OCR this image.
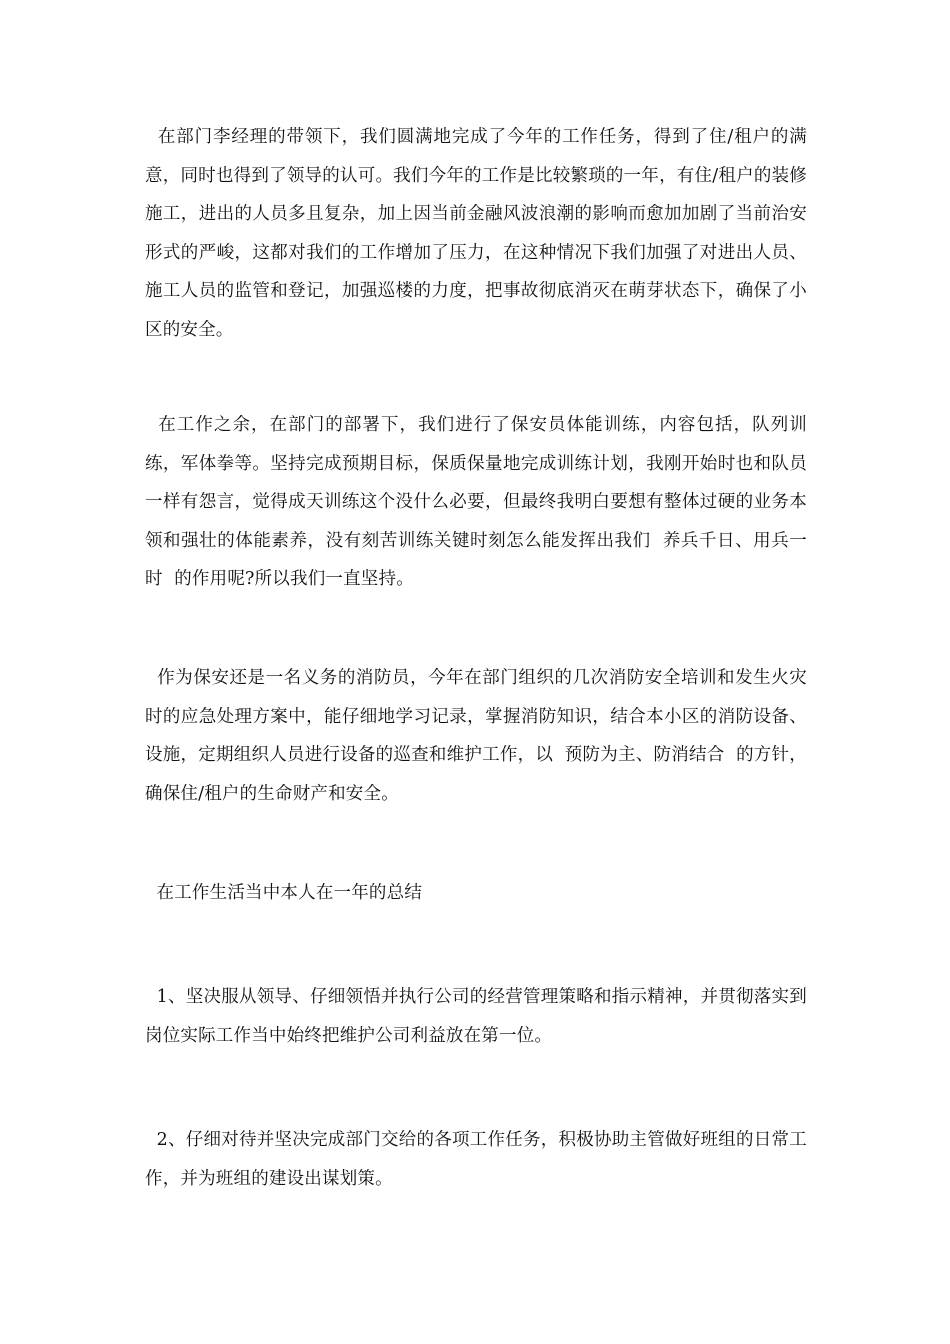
在部门李经理的带领下，我们圆满地完成了今年的工作任务，得到了住/租户的满意，同时也得到了领导的认可。我们今年的工作是比较繁琐的一年，有住/租户的装修施工，进出的人员多且复杂，加上因当前金融风波浪潮的影响而愈加加剧了当前治安形式的严峻，这都对我们的工作增加了压力，在这种情况下我们加强了对进出人员、施工人员的监管和登记，加强巡楼的力度，把事故彻底消灭在萌芽状态下，确保了小区的安全。

在工作之余，在部门的部署下，我们进行了保安员体能训练，内容包括，队列训练，军体拳等。坚持完成预期目标，保质保量地完成训练计划，我刚开始时也和队员一样有怨言，觉得成天训练这个没什么必要，但最终我明白要想有整体过硬的业务本领和强壮的体能素养，没有刻苦训练关键时刻怎么能发挥出我们  养兵千日、用兵一时  的作用呢?所以我们一直坚持。

作为保安还是一名义务的消防员，今年在部门组织的几次消防安全培训和发生火灾时的应急处理方案中，能仔细地学习记录，掌握消防知识，结合本小区的消防设备、设施，定期组织人员进行设备的巡查和维护工作，以  预防为主、防消结合  的方针，确保住/租户的生命财产和安全。

在工作生活当中本人在一年的总结

1、坚决服从领导、仔细领悟并执行公司的经营管理策略和指示精神，并贯彻落实到岗位实际工作当中始终把维护公司利益放在第一位。

2、仔细对待并坚决完成部门交给的各项工作任务，积极协助主管做好班组的日常工作，并为班组的建设出谋划策。
